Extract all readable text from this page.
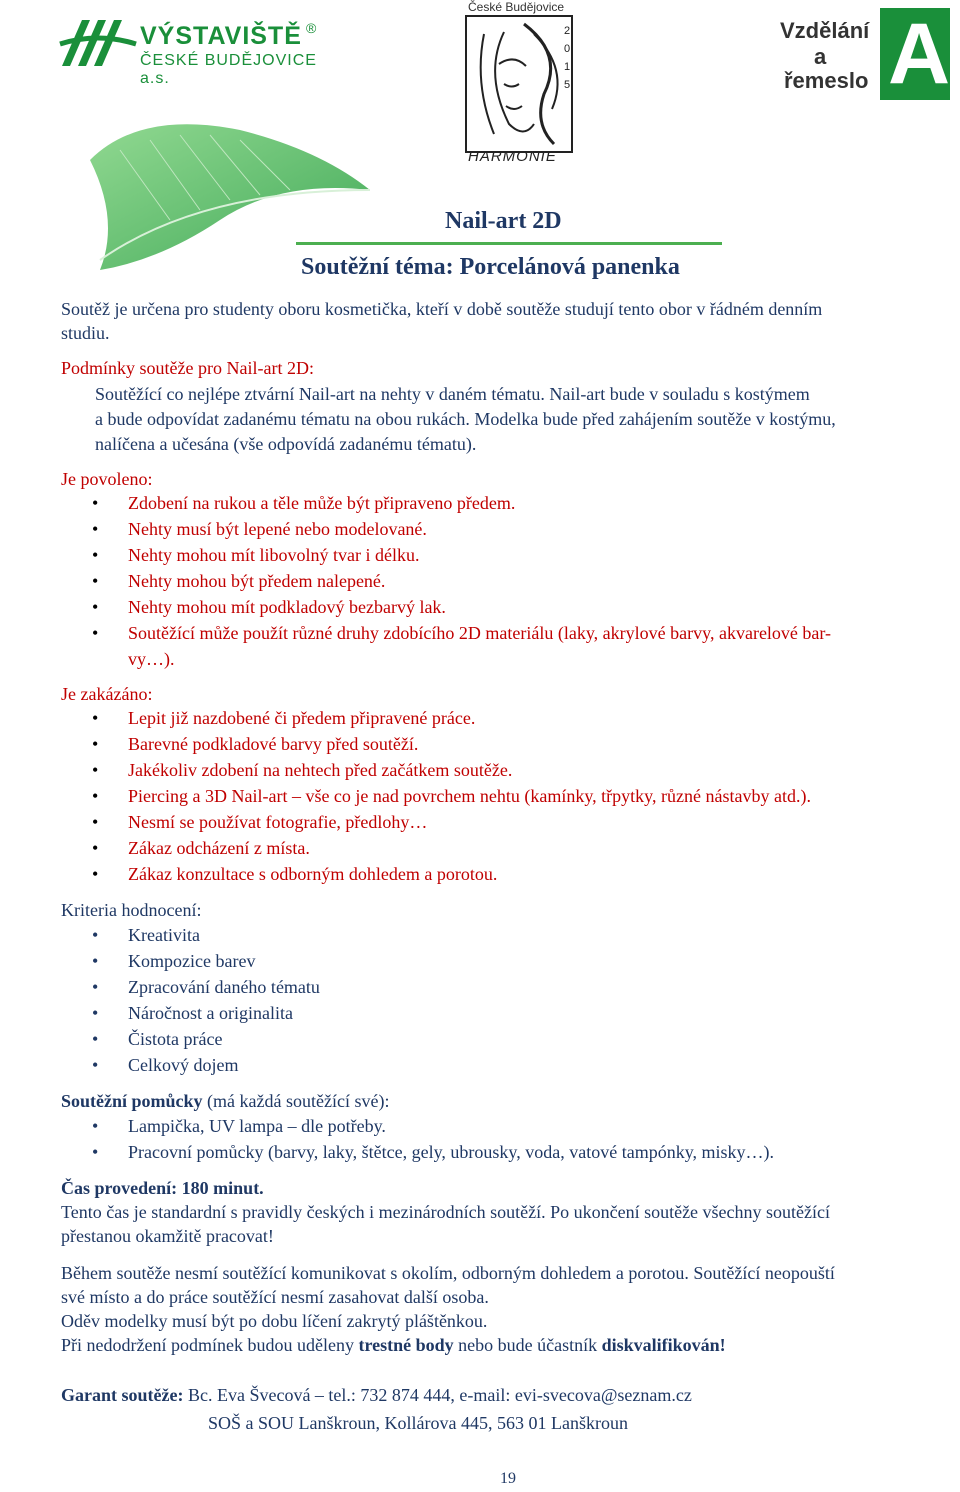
VÝSTAVIŠTĚ ®
ČESKÉ BUDĚJOVICE a.s.
České Budějovice
2
0
1
5
HARMONIE
Vzdělání
a
řemeslo A
Nail-art 2D
Soutěžní téma: Porcelánová panenka
Soutěž je určena pro studenty oboru kosmetička, kteří v době soutěže studují tento obor v řádném denním
studiu.
Podmínky soutěže pro Nail-art 2D:
Soutěžící co nejlépe ztvární Nail-art na nehty v daném tématu. Nail-art bude v souladu s kostýmem
a bude odpovídat zadanému tématu na obou rukách. Modelka bude před zahájením soutěže v kostýmu,
nalíčena a učesána (vše odpovídá zadanému tématu).
Je povoleno:
• Zdobení na rukou a těle může být připraveno předem.
• Nehty musí být lepené nebo modelované.
• Nehty mohou mít libovolný tvar i délku.
• Nehty mohou být předem nalepené.
• Nehty mohou mít podkladový bezbarvý lak.
• Soutěžící může použít různé druhy zdobícího 2D materiálu (laky, akrylové barvy, akvarelové bar-
vy…).
Je zakázáno:
• Lepit již nazdobené či předem připravené práce.
• Barevné podkladové barvy před soutěží.
• Jakékoliv zdobení na nehtech před začátkem soutěže.
• Piercing a 3D Nail-art – vše co je nad povrchem nehtu (kamínky, třpytky, různé nástavby atd.).
• Nesmí se používat fotografie, předlohy…
• Zákaz odcházení z místa.
• Zákaz konzultace s odborným dohledem a porotou.
Kriteria hodnocení:
• Kreativita
• Kompozice barev
• Zpracování daného tématu
• Náročnost a originalita
• Čistota práce
• Celkový dojem
Soutěžní pomůcky (má každá soutěžící své):
• Lampička, UV lampa – dle potřeby.
• Pracovní pomůcky (barvy, laky, štětce, gely, ubrousky, voda, vatové tampónky, misky…).
Čas provedení: 180 minut.
Tento čas je standardní s pravidly českých i mezinárodních soutěží. Po ukončení soutěže všechny soutěžící
přestanou okamžitě pracovat!
Během soutěže nesmí soutěžící komunikovat s okolím, odborným dohledem a porotou. Soutěžící neopouští
své místo a do práce soutěžící nesmí zasahovat další osoba.
Oděv modelky musí být po dobu líčení zakrytý pláštěnkou.
Při nedodržení podmínek budou uděleny trestné body nebo bude účastník diskvalifikován!
Garant soutěže: Bc. Eva Švecová – tel.: 732 874 444, e-mail: evi-svecova@seznam.cz
SOŠ a SOU Lanškroun, Kollárova 445, 563 01 Lanškroun
19
